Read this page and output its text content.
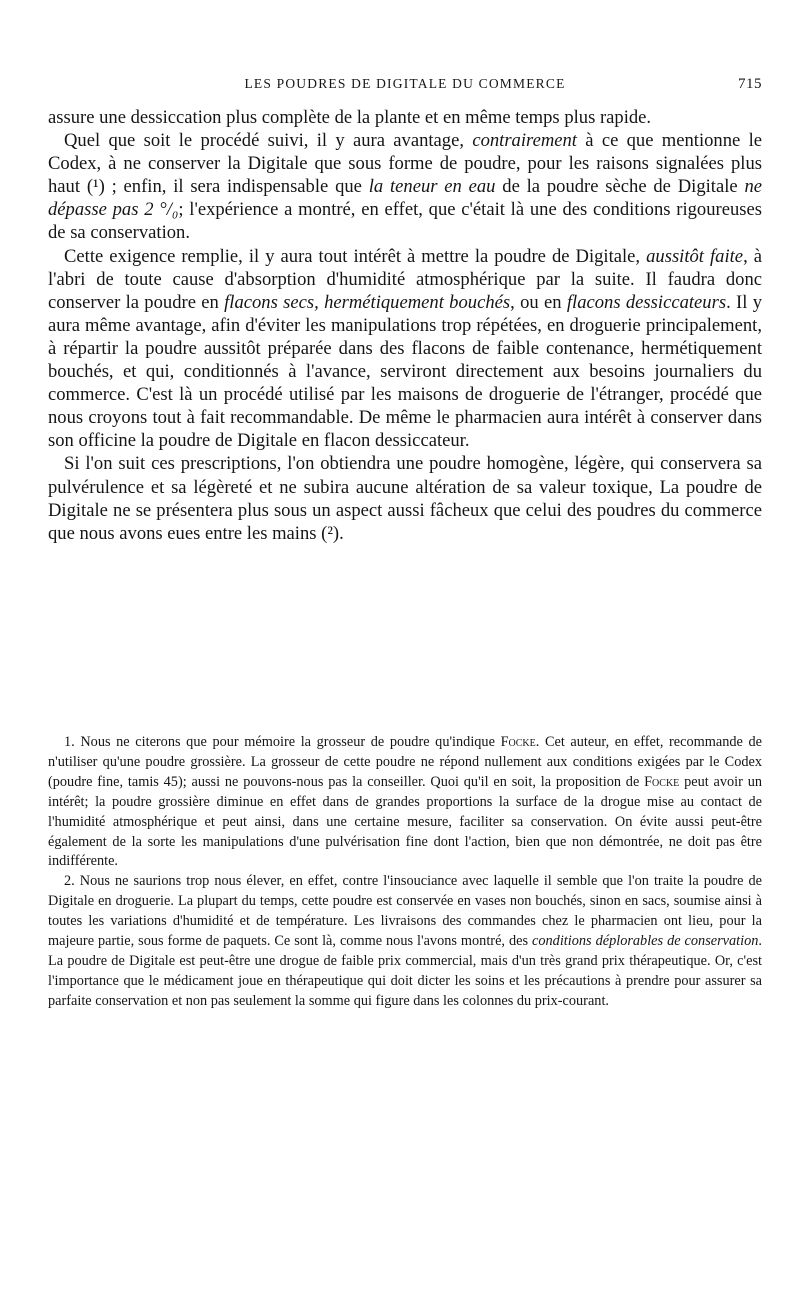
LES POUDRES DE DIGITALE DU COMMERCE	715

assure une dessiccation plus complète de la plante et en même temps plus rapide.

Quel que soit le procédé suivi, il y aura avantage, contrairement à ce que mentionne le Codex, à ne conserver la Digitale que sous forme de poudre, pour les raisons signalées plus haut (¹) ; enfin, il sera indispensable que la teneur en eau de la poudre sèche de Digitale ne dépasse pas 2 °/₀; l'expérience a montré, en effet, que c'était là une des conditions rigoureuses de sa conservation.

Cette exigence remplie, il y aura tout intérêt à mettre la poudre de Digitale, aussitôt faite, à l'abri de toute cause d'absorption d'humidité atmosphérique par la suite. Il faudra donc conserver la poudre en flacons secs, hermétiquement bouchés, ou en flacons dessiccateurs. Il y aura même avantage, afin d'éviter les manipulations trop répétées, en droguerie principalement, à répartir la poudre aussitôt préparée dans des flacons de faible contenance, hermétiquement bouchés, et qui, conditionnés à l'avance, serviront directement aux besoins journaliers du commerce. C'est là un procédé utilisé par les maisons de droguerie de l'étranger, procédé que nous croyons tout à fait recommandable. De même le pharmacien aura intérêt à conserver dans son officine la poudre de Digitale en flacon dessiccateur.

Si l'on suit ces prescriptions, l'on obtiendra une poudre homogène, légère, qui conservera sa pulvérulence et sa légèreté et ne subira aucune altération de sa valeur toxique, La poudre de Digitale ne se présentera plus sous un aspect aussi fâcheux que celui des poudres du commerce que nous avons eues entre les mains (²).

1. Nous ne citerons que pour mémoire la grosseur de poudre qu'indique Focke. Cet auteur, en effet, recommande de n'utiliser qu'une poudre grossière. La grosseur de cette poudre ne répond nullement aux conditions exigées par le Codex (poudre fine, tamis 45); aussi ne pouvons-nous pas la conseiller. Quoi qu'il en soit, la proposition de Focke peut avoir un intérêt; la poudre grossière diminue en effet dans de grandes proportions la surface de la drogue mise au contact de l'humidité atmosphérique et peut ainsi, dans une certaine mesure, faciliter sa conservation. On évite aussi peut-être également de la sorte les manipulations d'une pulvérisation fine dont l'action, bien que non démontrée, ne doit pas être indifférente.

2. Nous ne saurions trop nous élever, en effet, contre l'insouciance avec laquelle il semble que l'on traite la poudre de Digitale en droguerie. La plupart du temps, cette poudre est conservée en vases non bouchés, sinon en sacs, soumise ainsi à toutes les variations d'humidité et de température. Les livraisons des commandes chez le pharmacien ont lieu, pour la majeure partie, sous forme de paquets. Ce sont là, comme nous l'avons montré, des conditions déplorables de conservation. La poudre de Digitale est peut-être une drogue de faible prix commercial, mais d'un très grand prix thérapeutique. Or, c'est l'importance que le médicament joue en thérapeutique qui doit dicter les soins et les précautions à prendre pour assurer sa parfaite conservation et non pas seulement la somme qui figure dans les colonnes du prix-courant.
